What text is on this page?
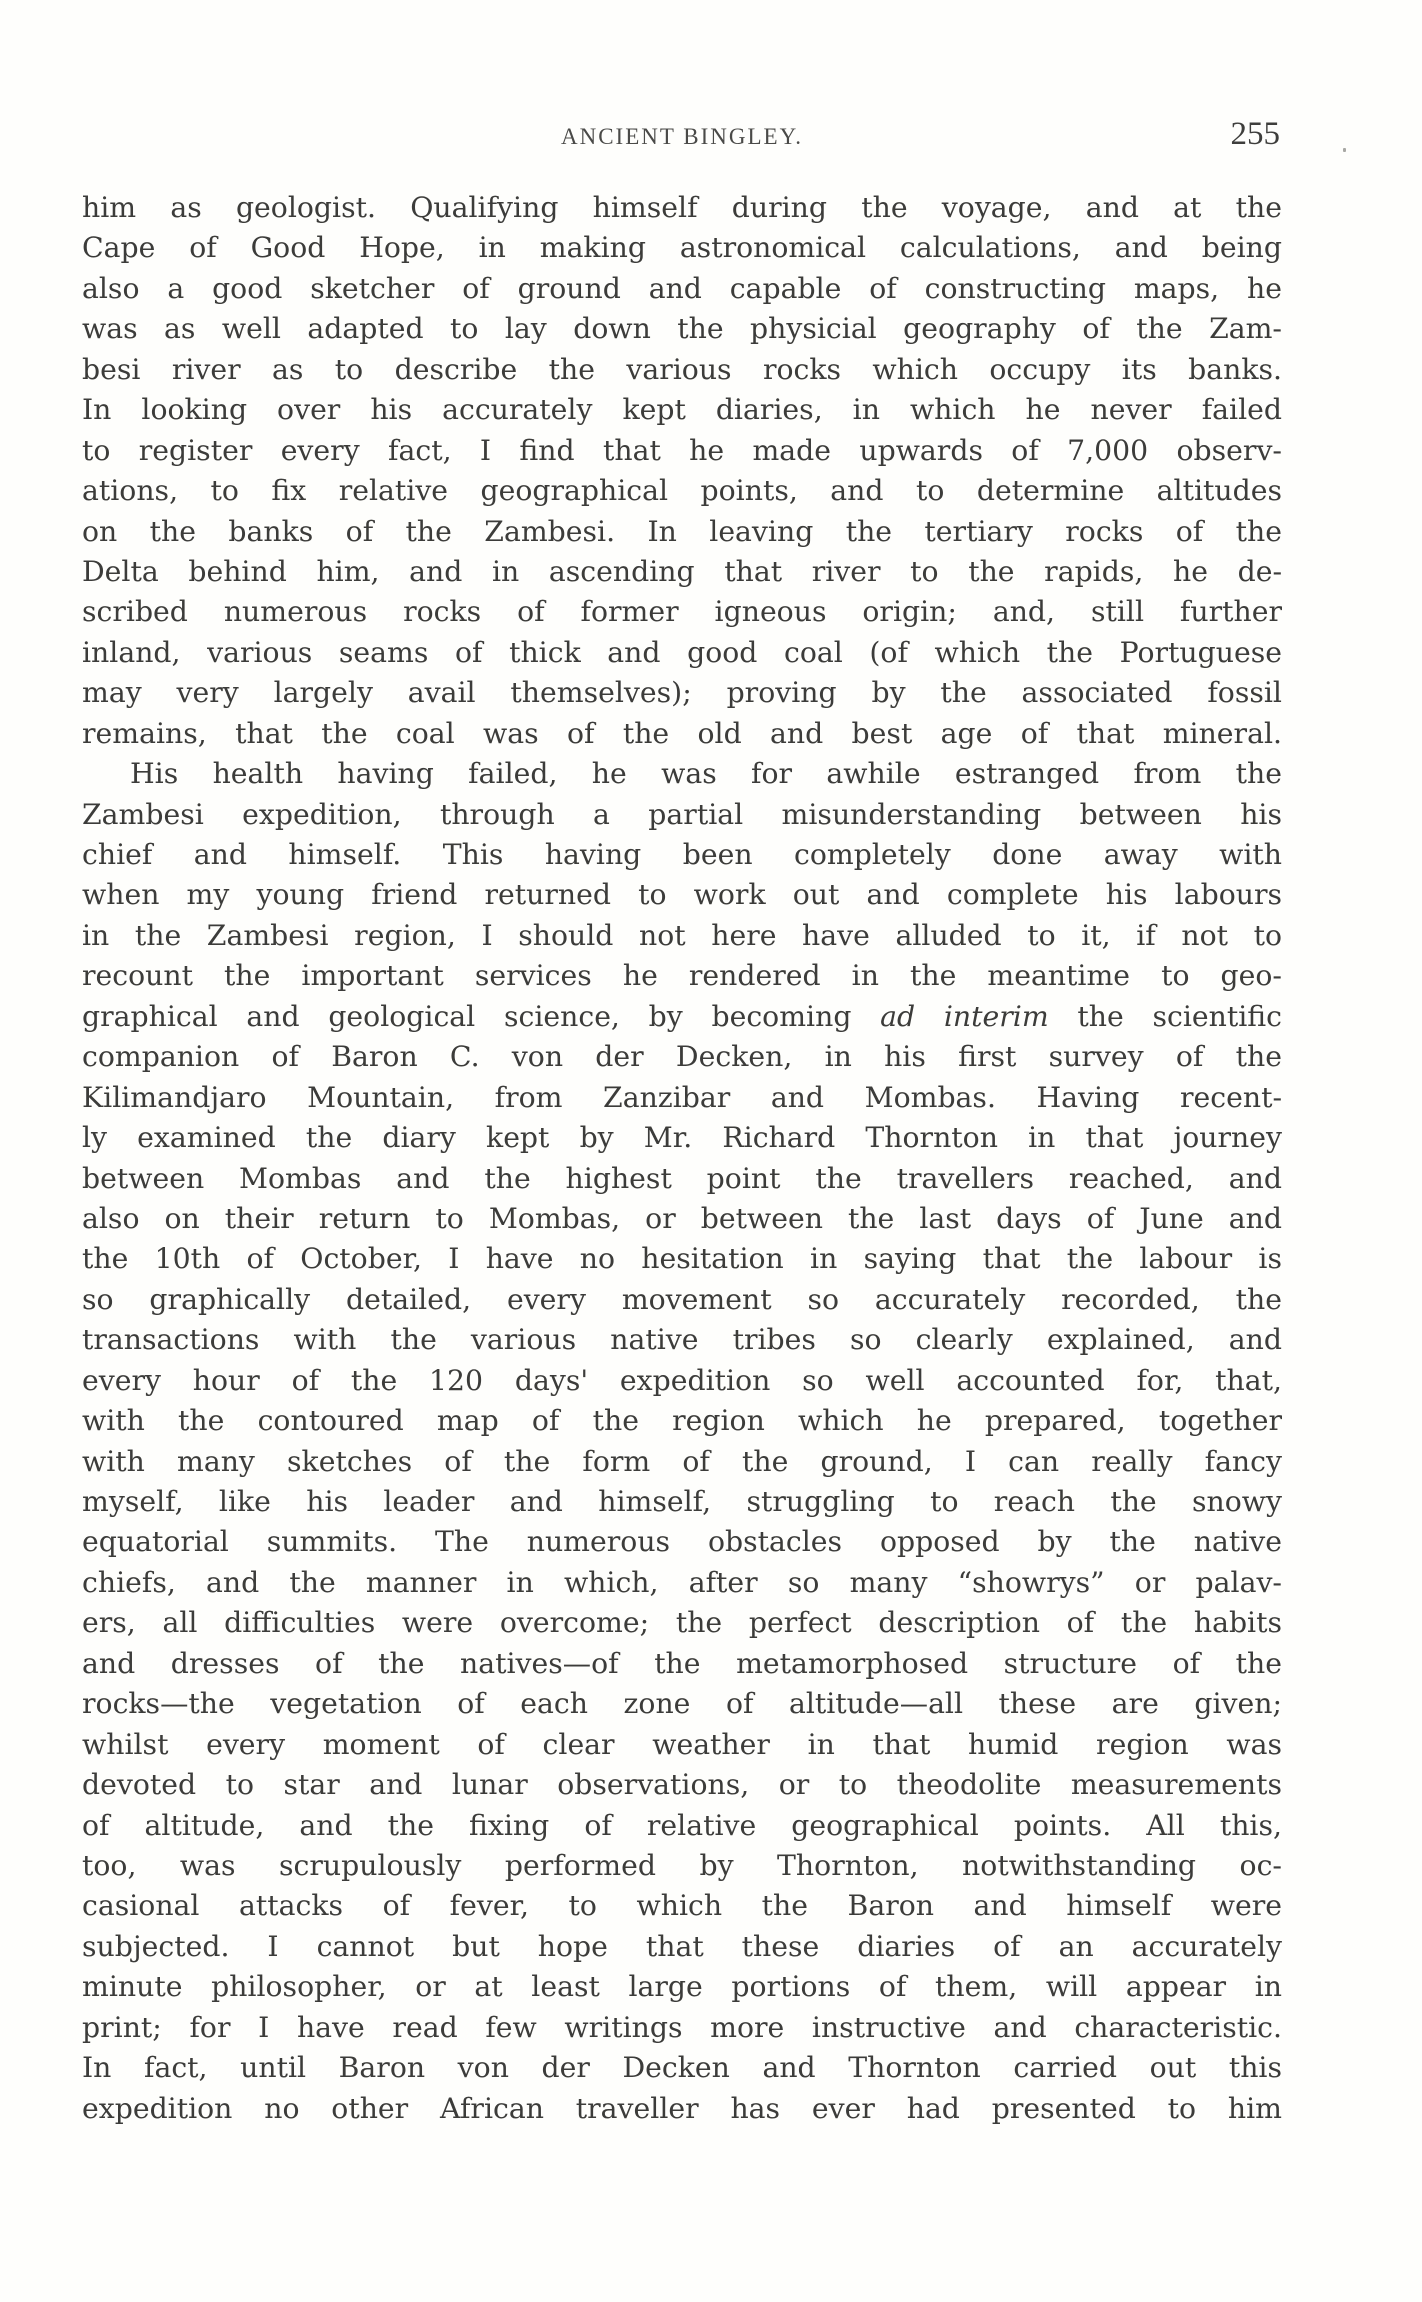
ANCIENT BINGLEY.	255
him as geologist. Qualifying himself during the voyage, and at the
Cape of Good Hope, in making astronomical calculations, and being
also a good sketcher of ground and capable of constructing maps, he
was as well adapted to lay down the physicial geography of the Zam-
besi river as to describe the various rocks which occupy its banks.
In looking over his accurately kept diaries, in which he never failed
to register every fact, I find that he made upwards of 7,000 observ-
ations, to fix relative geographical points, and to determine altitudes
on the banks of the Zambesi. In leaving the tertiary rocks of the
Delta behind him, and in ascending that river to the rapids, he de-
scribed numerous rocks of former igneous origin; and, still further
inland, various seams of thick and good coal (of which the Portuguese
may very largely avail themselves); proving by the associated fossil
remains, that the coal was of the old and best age of that mineral.
His health having failed, he was for awhile estranged from the
Zambesi expedition, through a partial misunderstanding between his
chief and himself. This having been completely done away with
when my young friend returned to work out and complete his labours
in the Zambesi region, I should not here have alluded to it, if not to
recount the important services he rendered in the meantime to geo-
graphical and geological science, by becoming ad interim the scientific
companion of Baron C. von der Decken, in his first survey of the
Kilimandjaro Mountain, from Zanzibar and Mombas. Having recent-
ly examined the diary kept by Mr. Richard Thornton in that journey
between Mombas and the highest point the travellers reached, and
also on their return to Mombas, or between the last days of June and
the 10th of October, I have no hesitation in saying that the labour is
so graphically detailed, every movement so accurately recorded, the
transactions with the various native tribes so clearly explained, and
every hour of the 120 days' expedition so well accounted for, that,
with the contoured map of the region which he prepared, together
with many sketches of the form of the ground, I can really fancy
myself, like his leader and himself, struggling to reach the snowy
equatorial summits. The numerous obstacles opposed by the native
chiefs, and the manner in which, after so many “showrys” or palav-
ers, all difficulties were overcome; the perfect description of the habits
and dresses of the natives—of the metamorphosed structure of the
rocks—the vegetation of each zone of altitude—all these are given;
whilst every moment of clear weather in that humid region was
devoted to star and lunar observations, or to theodolite measurements
of altitude, and the fixing of relative geographical points. All this,
too, was scrupulously performed by Thornton, notwithstanding oc-
casional attacks of fever, to which the Baron and himself were
subjected. I cannot but hope that these diaries of an accurately
minute philosopher, or at least large portions of them, will appear in
print; for I have read few writings more instructive and characteristic.
In fact, until Baron von der Decken and Thornton carried out this
expedition no other African traveller has ever had presented to him
